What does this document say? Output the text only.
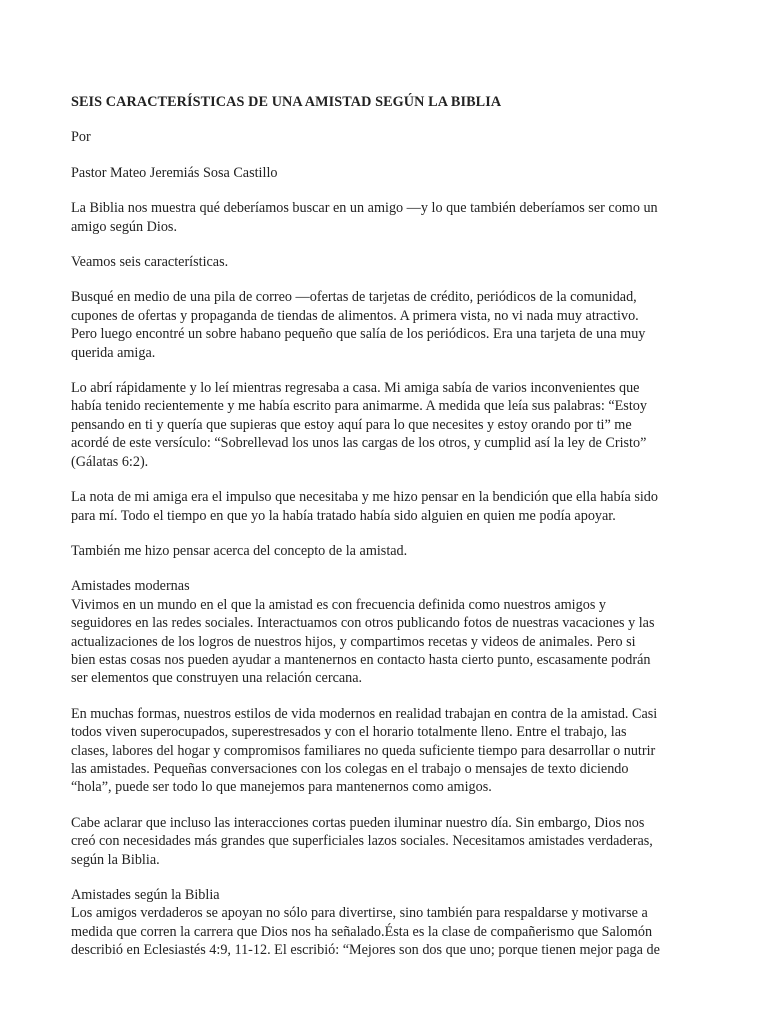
SEIS CARACTERÍSTICAS DE UNA AMISTAD SEGÚN LA BIBLIA
Por
Pastor Mateo Jeremiás Sosa Castillo
La Biblia nos muestra qué deberíamos buscar en un amigo —y lo que también deberíamos ser como un
amigo según Dios.
Veamos seis características.
Busqué en medio de una pila de correo —ofertas de tarjetas de crédito, periódicos de la comunidad,
cupones de ofertas y propaganda de tiendas de alimentos. A primera vista, no vi nada muy atractivo.
Pero luego encontré un sobre habano pequeño que salía de los periódicos. Era una tarjeta de una muy
querida amiga.
Lo abrí rápidamente y lo leí mientras regresaba a casa. Mi amiga sabía de varios inconvenientes que
había tenido recientemente y me había escrito para animarme. A medida que leía sus palabras: “Estoy
pensando en ti y quería que supieras que estoy aquí para lo que necesites y estoy orando por ti” me
acordé de este versículo: “Sobrellevad los unos las cargas de los otros, y cumplid así la ley de Cristo”
(Gálatas 6:2).
La nota de mi amiga era el impulso que necesitaba y me hizo pensar en la bendición que ella había sido
para mí. Todo el tiempo en que yo la había tratado había sido alguien en quien me podía apoyar.
También me hizo pensar acerca del concepto de la amistad.
Amistades modernas
Vivimos en un mundo en el que la amistad es con frecuencia definida como nuestros amigos y
seguidores en las redes sociales. Interactuamos con otros publicando fotos de nuestras vacaciones y las
actualizaciones de los logros de nuestros hijos, y compartimos recetas y videos de animales. Pero si
bien estas cosas nos pueden ayudar a mantenernos en contacto hasta cierto punto, escasamente podrán
ser elementos que construyen una relación cercana.
En muchas formas, nuestros estilos de vida modernos en realidad trabajan en contra de la amistad. Casi
todos viven superocupados, superestresados y con el horario totalmente lleno. Entre el trabajo, las
clases, labores del hogar y compromisos familiares no queda suficiente tiempo para desarrollar o nutrir
las amistades. Pequeñas conversaciones con los colegas en el trabajo o mensajes de texto diciendo
“hola”, puede ser todo lo que manejemos para mantenernos como amigos.
Cabe aclarar que incluso las interacciones cortas pueden iluminar nuestro día. Sin embargo, Dios nos
creó con necesidades más grandes que superficiales lazos sociales. Necesitamos amistades verdaderas,
según la Biblia.
Amistades según la Biblia
Los amigos verdaderos se apoyan no sólo para divertirse, sino también para respaldarse y motivarse a
medida que corren la carrera que Dios nos ha señalado.Ésta es la clase de compañerismo que Salomón
describió en Eclesiastés 4:9, 11-12. El escribió: “Mejores son dos que uno; porque tienen mejor paga de
